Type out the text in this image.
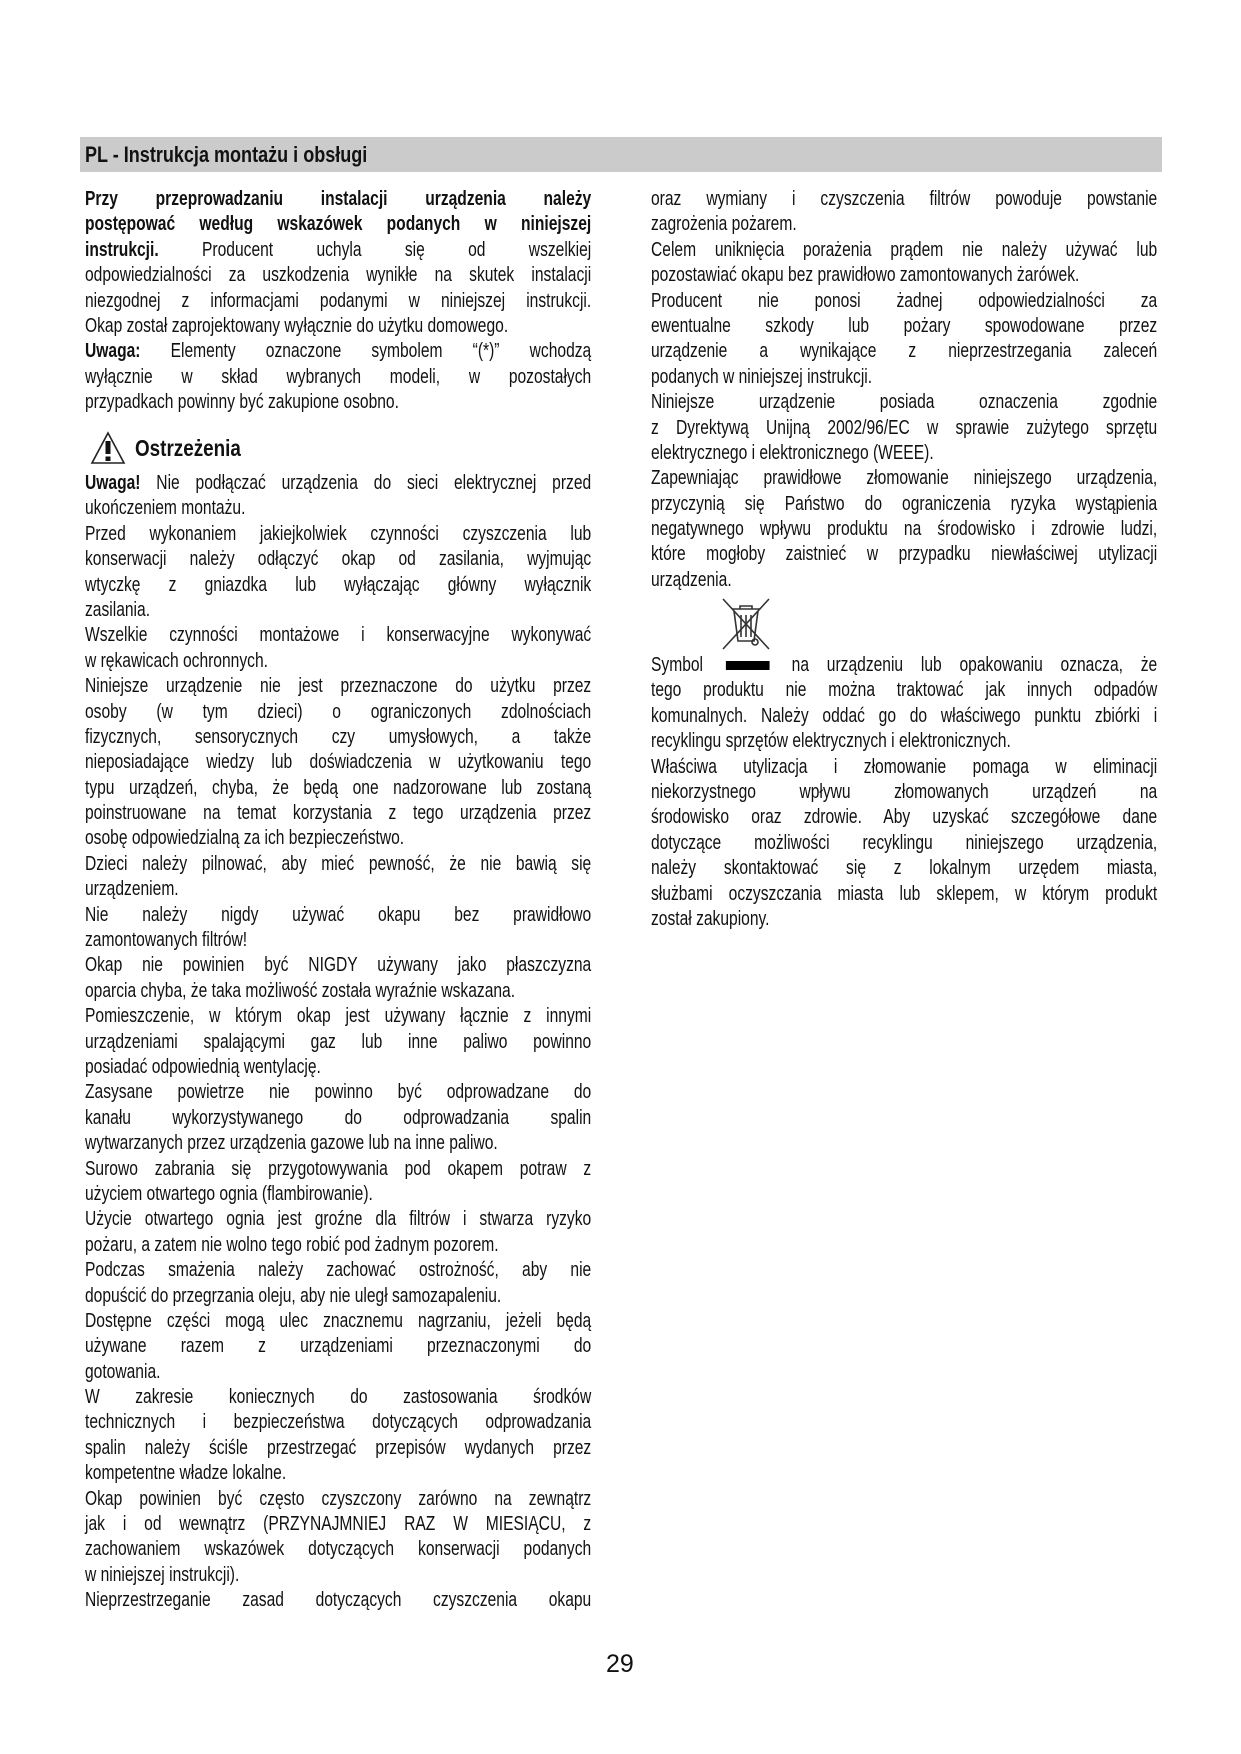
PL - Instrukcja montażu i obsługi
Przy przeprowadzaniu instalacji urządzenia należy
postępować według wskazówek podanych w niniejszej
instrukcji. Producent uchyla się od wszelkiej
odpowiedzialności za uszkodzenia wynikłe na skutek instalacji
niezgodnej z informacjami podanymi w niniejszej instrukcji.
Okap został zaprojektowany wyłącznie do użytku domowego.
Uwaga: Elementy oznaczone symbolem “(*)” wchodzą
wyłącznie w skład wybranych modeli, w pozostałych
przypadkach powinny być zakupione osobno.
Ostrzeżenia
Uwaga! Nie podłączać urządzenia do sieci elektrycznej przed
ukończeniem montażu.
Przed wykonaniem jakiejkolwiek czynności czyszczenia lub
konserwacji należy odłączyć okap od zasilania, wyjmując
wtyczkę z gniazdka lub wyłączając główny wyłącznik
zasilania.
Wszelkie czynności montażowe i konserwacyjne wykonywać
w rękawicach ochronnych.
Niniejsze urządzenie nie jest przeznaczone do użytku przez
osoby (w tym dzieci) o ograniczonych zdolnościach
fizycznych, sensorycznych czy umysłowych, a także
nieposiadające wiedzy lub doświadczenia w użytkowaniu tego
typu urządzeń, chyba, że będą one nadzorowane lub zostaną
poinstruowane na temat korzystania z tego urządzenia przez
osobę odpowiedzialną za ich bezpieczeństwo.
Dzieci należy pilnować, aby mieć pewność, że nie bawią się
urządzeniem.
Nie należy nigdy używać okapu bez prawidłowo
zamontowanych filtrów!
Okap nie powinien być NIGDY używany jako płaszczyzna
oparcia chyba, że taka możliwość została wyraźnie wskazana.
Pomieszczenie, w którym okap jest używany łącznie z innymi
urządzeniami spalającymi gaz lub inne paliwo powinno
posiadać odpowiednią wentylację.
Zasysane powietrze nie powinno być odprowadzane do
kanału wykorzystywanego do odprowadzania spalin
wytwarzanych przez urządzenia gazowe lub na inne paliwo.
Surowo zabrania się przygotowywania pod okapem potraw z
użyciem otwartego ognia (flambirowanie).
Użycie otwartego ognia jest groźne dla filtrów i stwarza ryzyko
pożaru, a zatem nie wolno tego robić pod żadnym pozorem.
Podczas smażenia należy zachować ostrożność, aby nie
dopuścić do przegrzania oleju, aby nie uległ samozapaleniu.
Dostępne części mogą ulec znacznemu nagrzaniu, jeżeli będą
używane razem z urządzeniami przeznaczonymi do
gotowania.
W zakresie koniecznych do zastosowania środków
technicznych i bezpieczeństwa dotyczących odprowadzania
spalin należy ściśle przestrzegać przepisów wydanych przez
kompetentne władze lokalne.
Okap powinien być często czyszczony zarówno na zewnątrz
jak i od wewnątrz (PRZYNAJMNIEJ RAZ W MIESIĄCU, z
zachowaniem wskazówek dotyczących konserwacji podanych
w niniejszej instrukcji).
Nieprzestrzeganie zasad dotyczących czyszczenia okapu
oraz wymiany i czyszczenia filtrów powoduje powstanie
zagrożenia pożarem.
Celem uniknięcia porażenia prądem nie należy używać lub
pozostawiać okapu bez prawidłowo zamontowanych żarówek.
Producent nie ponosi żadnej odpowiedzialności za
ewentualne szkody lub pożary spowodowane przez
urządzenie a wynikające z nieprzestrzegania zaleceń
podanych w niniejszej instrukcji.
Niniejsze urządzenie posiada oznaczenia zgodnie
z Dyrektywą Unijną 2002/96/EC w sprawie zużytego sprzętu
elektrycznego i elektronicznego (WEEE).
Zapewniając prawidłowe złomowanie niniejszego urządzenia,
przyczynią się Państwo do ograniczenia ryzyka wystąpienia
negatywnego wpływu produktu na środowisko i zdrowie ludzi,
które mogłoby zaistnieć w przypadku niewłaściwej utylizacji
urządzenia.
Symbol	na urządzeniu lub opakowaniu oznacza, że
tego produktu nie można traktować jak innych odpadów
komunalnych. Należy oddać go do właściwego punktu zbiórki i
recyklingu sprzętów elektrycznych i elektronicznych.
Właściwa utylizacja i złomowanie pomaga w eliminacji
niekorzystnego wpływu złomowanych urządzeń na
środowisko oraz zdrowie. Aby uzyskać szczegółowe dane
dotyczące możliwości recyklingu niniejszego urządzenia,
należy skontaktować się z lokalnym urzędem miasta,
służbami oczyszczania miasta lub sklepem, w którym produkt
został zakupiony.
29
